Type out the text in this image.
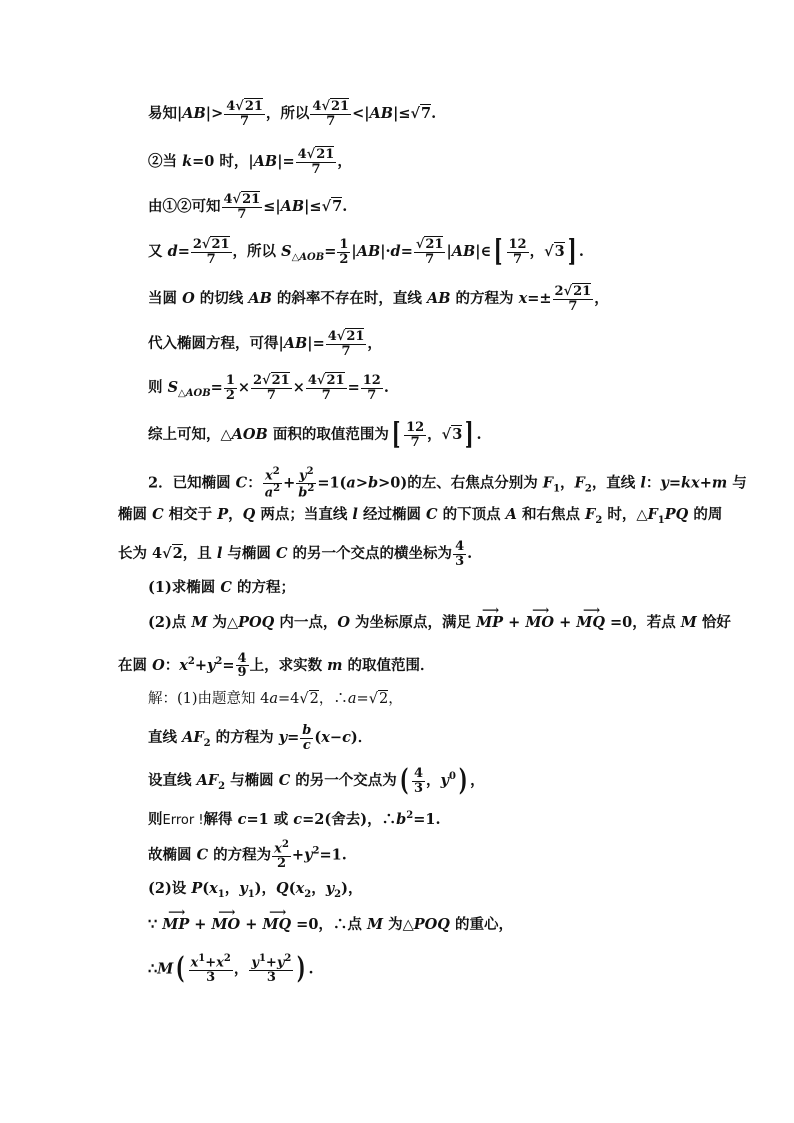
易知$|AB|> \frac{4√21}{7}$ ，所以 $\frac{4√21}{7} <|AB|\le√7$.
②当 k=0 时，$|AB|= \frac{4√21}{7}$ ，
由①②可知 $\frac{4√21}{7} \le|AB|\le√7$.
又 $d= \frac{2√21}{7}$ ，所以 $S_{\triangle AOB}= \frac{1}{2} |AB|\cdot d= \frac{√21}{7}$ |AB|∈[ $\frac{12}{7}$ ，√3] .
当圆 O 的切线 AB 的斜率不存在时，直线 AB 的方程为 $x=\pm \frac{2√21}{7}$ ，
代入椭圆方程，可得$|AB|= \frac{4√21}{7}$ ，
则 $S_{\triangle AOB}= \frac{1}{2} \times \frac{2√21}{7} \times \frac{4√21}{7} = \frac{12}{7}$ .
综上可知，△AOB 面积的取值范围为[ $\frac{12}{7}$ ，√3] .
2．已知椭圆 C： $\frac{x^2}{a^2} + \frac{y^2}{b^2} =1(a>b>0)$的左、右焦点分别为 $F_1$，$F_2$，直线 l：y=kx+m 与
椭圆 C 相交于 P，Q 两点；当直线 l 经过椭圆 C 的下顶点 A 和右焦点 $F_2$ 时，$\triangle F_1PQ$ 的周
长为 4√2，且 l 与椭圆 C 的另一个交点的横坐标为 $\frac{4}{3}$ .
(1)求椭圆 C 的方程；
(2)点 M 为△POQ 内一点，O 为坐标原点，满足 ⟶ MP + ⟶ MO + ⟶ MQ =0，若点 M 恰好
在圆 O：$x^2+y^2= \frac{4}{9}$ 上，求实数 m 的取值范围．
解：(1)由题意知 4a=4√2，∴a=√2，
直线 $AF_2$ 的方程为 $y= \frac{b}{c} (x-c)$．
设直线 $AF_2$ 与椭圆 C 的另一个交点为( $\frac{4}{3}$ ，$y^0$) ，
则Error !解得 c=1 或 c=2(舍去)，$\therefore b^2=1$.
故椭圆 C 的方程为 $\frac{x^2}{2} +y^2=1$.
(2)设 $P(x_1$，$y_1$)，$Q(x_2$，$y_2$)，
∵ ⟶ MP + ⟶ MO + ⟶ MQ =0，∴点 M 为△POQ 的重心，
∴M( $\frac{x^1+x^2}{3}$ ， $\frac{y^1+y^2}{3}$ ) .
